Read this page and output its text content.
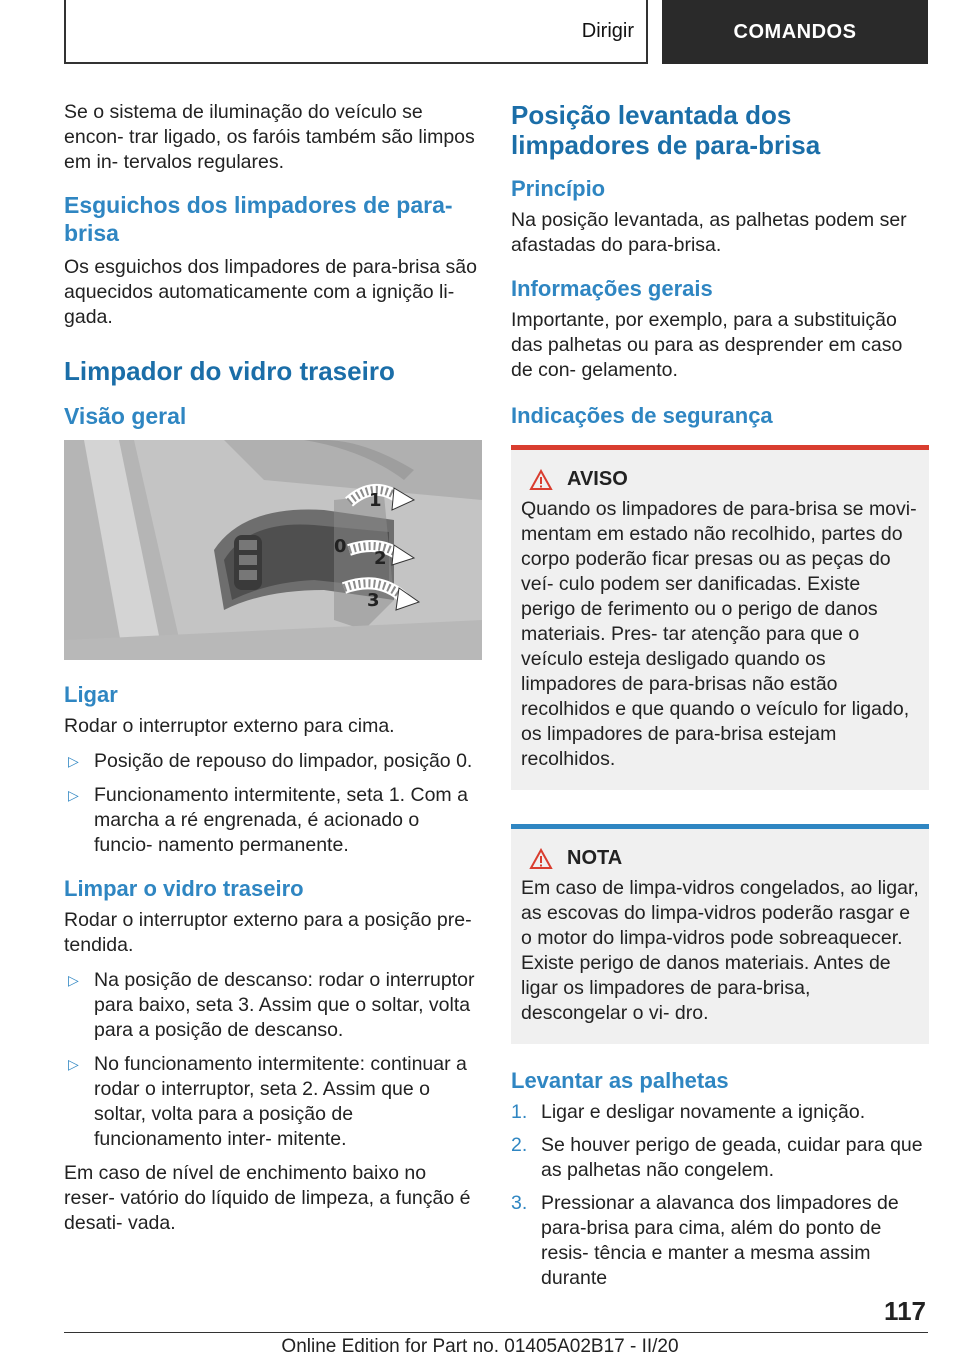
Dirigir	COMANDOS

Se o sistema de iluminação do veículo se encon‐ trar ligado, os faróis também são limpos em in‐ tervalos regulares.

Esguichos dos limpadores de para‐ brisa

Os esguichos dos limpadores de para-brisa são aquecidos automaticamente com a ignição li‐ gada.

Limpador do vidro traseiro
Visão geral
1
0
2
3
Ligar

Rodar o interruptor externo para cima.

▷ Posição de repouso do limpador, posição 0.
▷ Funcionamento intermitente, seta 1. Com a marcha a ré engrenada, é acionado o funcio‐ namento permanente.
Limpar o vidro traseiro

Rodar o interruptor externo para a posição pre‐ tendida.

▷ Na posição de descanso: rodar o interruptor para baixo, seta 3. Assim que o soltar, volta para a posição de descanso.
▷ No funcionamento intermitente: continuar a rodar o interruptor, seta 2. Assim que o soltar, volta para a posição de funcionamento inter‐ mitente.

Em caso de nível de enchimento baixo no reser‐ vatório do líquido de limpeza, a função é desati‐ vada.

Posição levantada dos limpadores de para-brisa
Princípio

Na posição levantada, as palhetas podem ser afastadas do para-brisa.

Informações gerais

Importante, por exemplo, para a substituição das palhetas ou para as desprender em caso de con‐ gelamento.

Indicações de segurança
AVISO

Quando os limpadores de para-brisa se movi‐ mentam em estado não recolhido, partes do corpo poderão ficar presas ou as peças do veí‐ culo podem ser danificadas. Existe perigo de ferimento ou o perigo de danos materiais. Pres‐ tar atenção para que o veículo esteja desligado quando os limpadores de para-brisas não estão recolhidos e que quando o veículo for ligado, os limpadores de para-brisa estejam recolhidos.

NOTA

Em caso de limpa-vidros congelados, ao ligar, as escovas do limpa-vidros poderão rasgar e o motor do limpa-vidros pode sobreaquecer. Existe perigo de danos materiais. Antes de ligar os limpadores de para-brisa, descongelar o vi‐ dro.

Levantar as palhetas
1. Ligar e desligar novamente a ignição.
2. Se houver perigo de geada, cuidar para que as palhetas não congelem.
3. Pressionar a alavanca dos limpadores de para-brisa para cima, além do ponto de resis‐ tência e manter a mesma assim durante
117
Online Edition for Part no. 01405A02B17 - II/20
